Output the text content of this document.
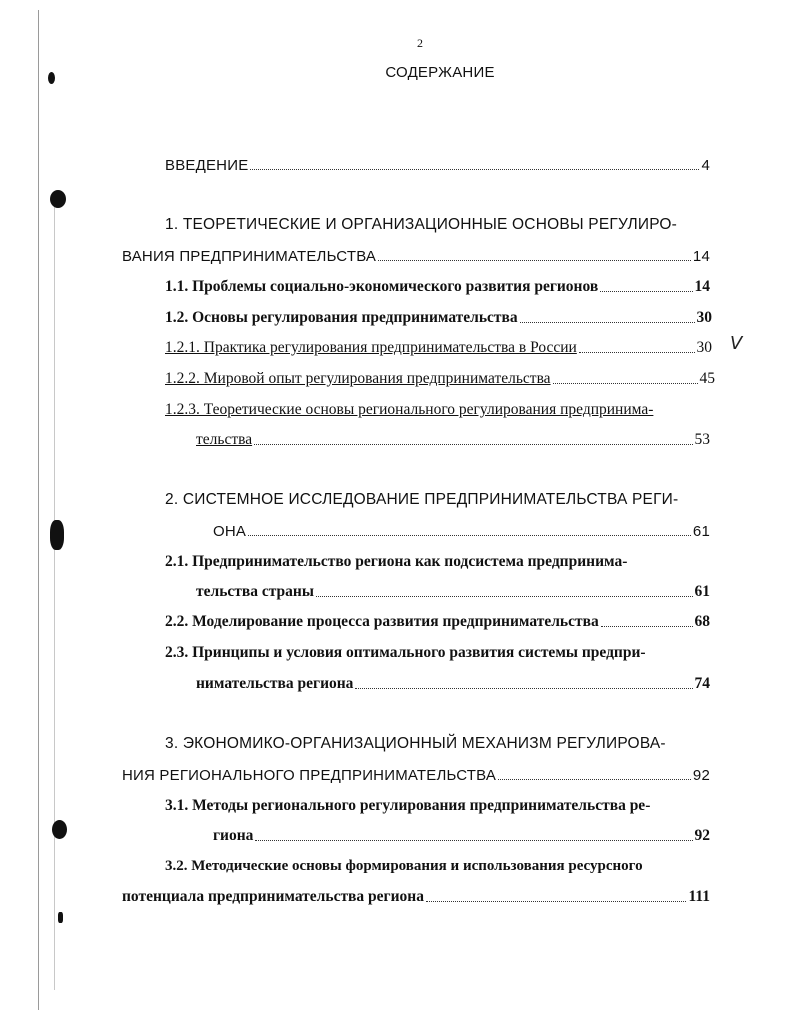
2
СОДЕРЖАНИЕ
ВВЕДЕНИЕ	4
1. ТЕОРЕТИЧЕСКИЕ И ОРГАНИЗАЦИОННЫЕ ОСНОВЫ РЕГУЛИРО-
ВАНИЯ ПРЕДПРИНИМАТЕЛЬСТВА	14
1.1. Проблемы социально-экономического развития регионов	14
1.2. Основы регулирования предпринимательства	30
1.2.1. Практика регулирования предпринимательства в России	30 V
1.2.2. Мировой опыт регулирования предпринимательства	45
1.2.3. Теоретические основы регионального регулирования предпринима-
тельства	53
2. СИСТЕМНОЕ ИССЛЕДОВАНИЕ ПРЕДПРИНИМАТЕЛЬСТВА РЕГИ-
ОНА	61
2.1. Предпринимательство региона как подсистема предпринима-
тельства страны	61
2.2. Моделирование процесса развития предпринимательства	68
2.3. Принципы и условия оптимального развития системы предпри-
нимательства региона	74
3. ЭКОНОМИКО-ОРГАНИЗАЦИОННЫЙ МЕХАНИЗМ РЕГУЛИРОВА-
НИЯ РЕГИОНАЛЬНОГО ПРЕДПРИНИМАТЕЛЬСТВА	92
3.1. Методы регионального регулирования предпринимательства ре-
гиона	92
3.2. Методические основы формирования и использования ресурсного
потенциала предпринимательства региона	111
